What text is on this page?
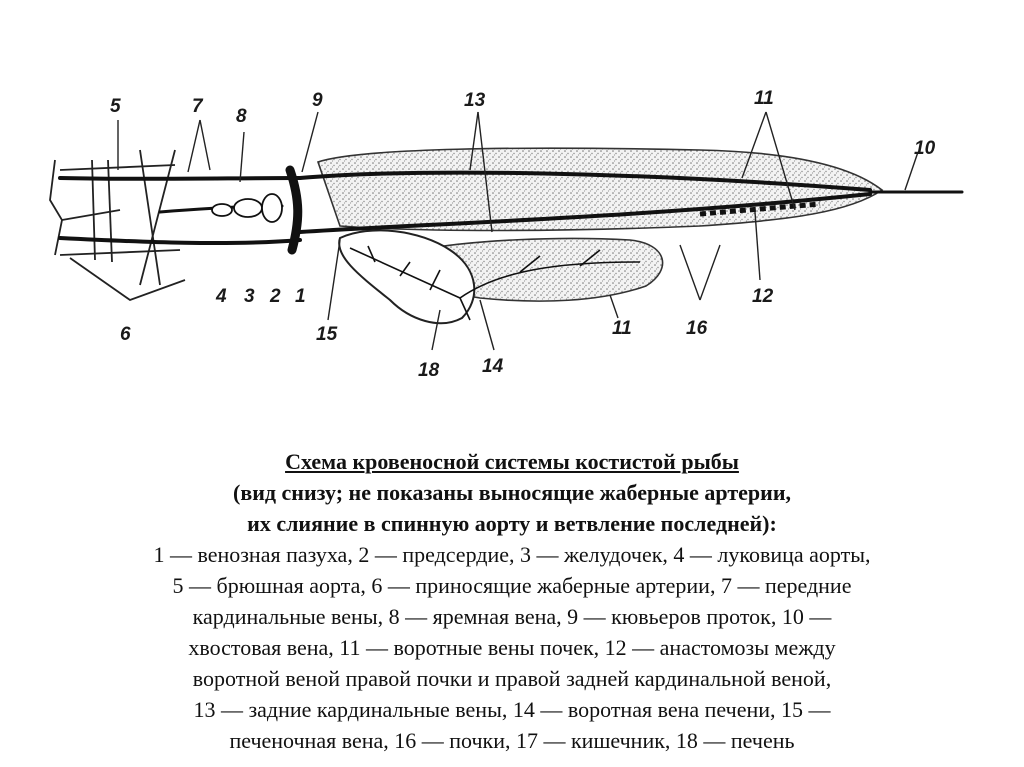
5	7 8
9	13	11
10
4 3 2 1
6	15
18 14
11	16
12
Схема кровеносной системы костистой рыбы
(вид снизу; не показаны выносящие жаберные артерии,
их слияние в спинную аорту и ветвление последней):
1 — венозная пазуха, 2 — предсердие, 3 — желудочек, 4 — луковица аорты,
5 — брюшная аорта, 6 — приносящие жаберные артерии, 7 — передние
кардинальные вены, 8 — яремная вена, 9 — кювьеров проток, 10 —
хвостовая вена, 11 — воротные вены почек, 12 — анастомозы между
воротной веной правой почки и правой задней кардинальной веной,
13 — задние кардинальные вены, 14 — воротная вена печени, 15 —
печеночная вена, 16 — почки, 17 — кишечник, 18 — печень
